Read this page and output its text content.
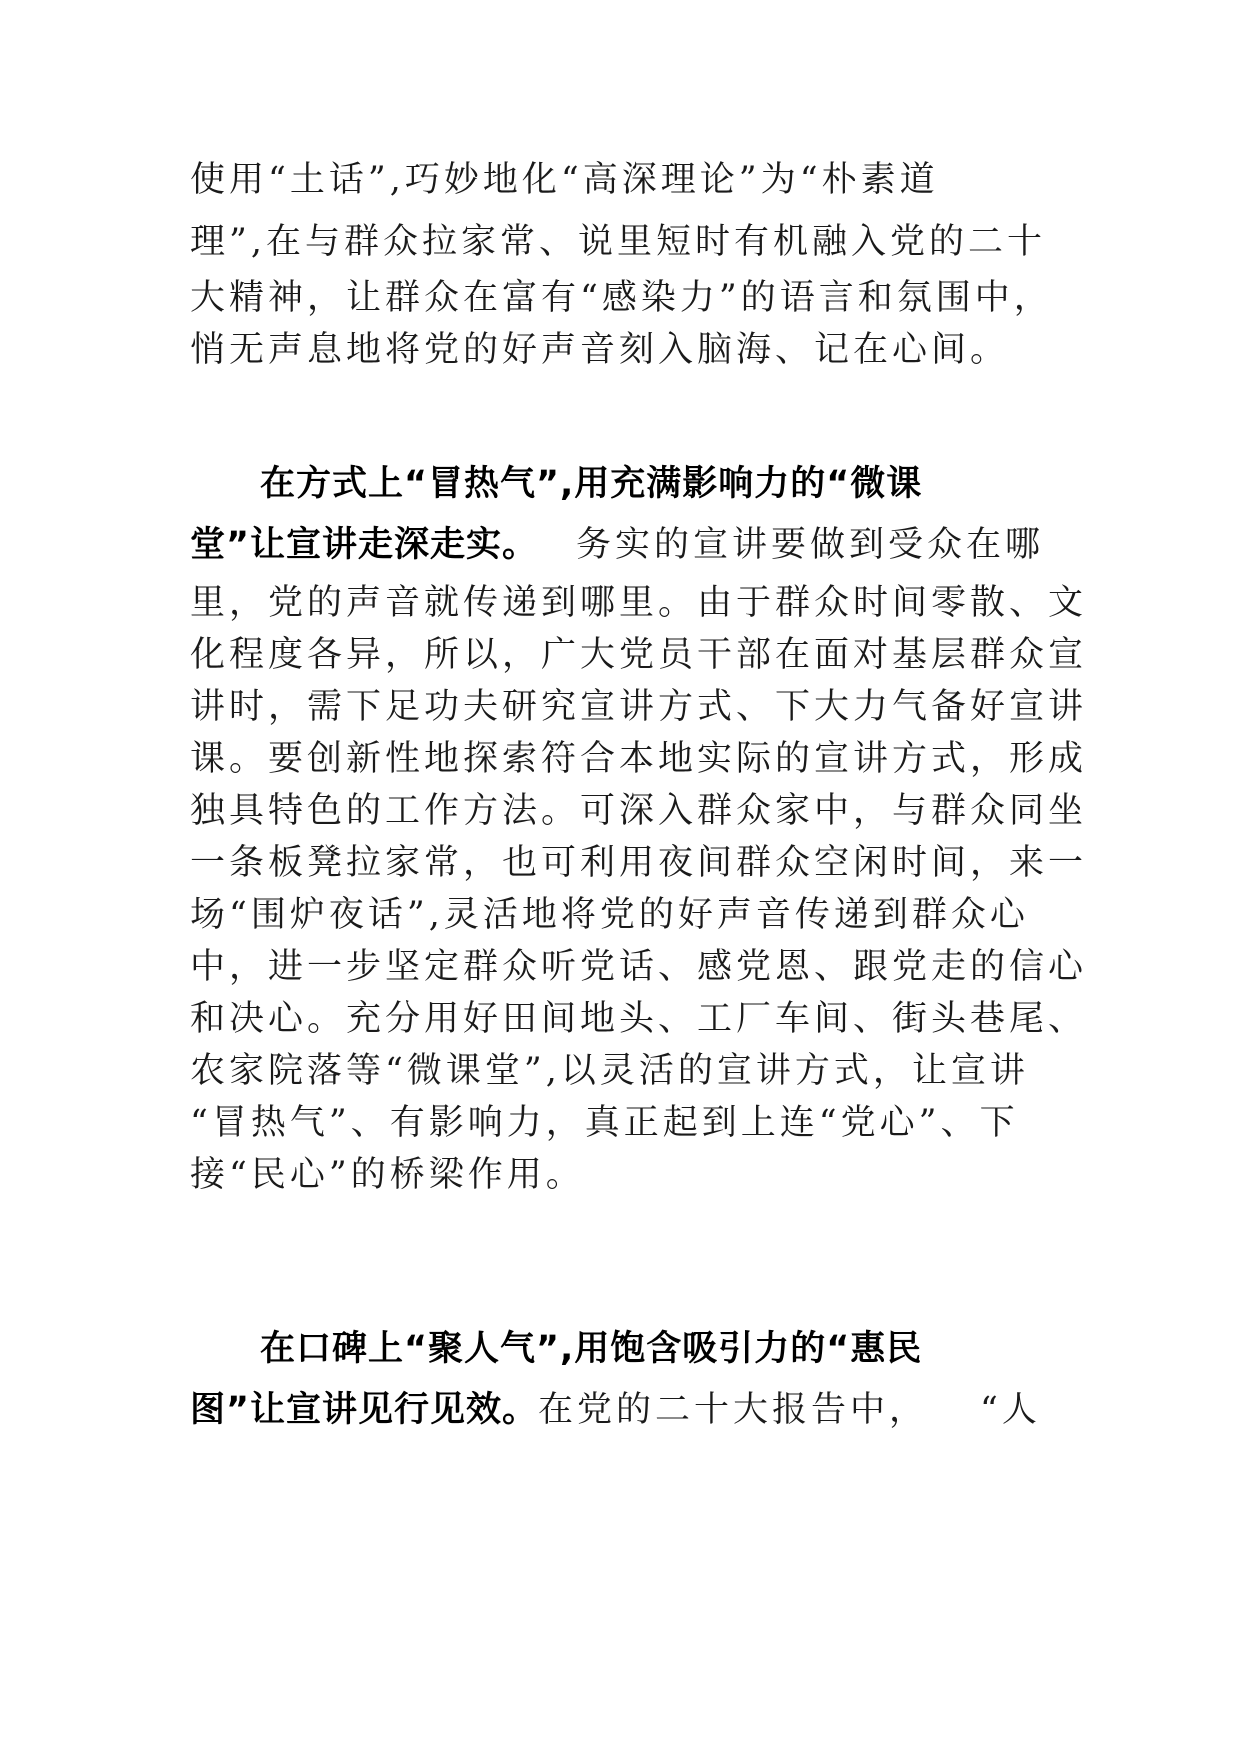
使用“土话”,巧妙地化“高深理论”为“朴素道
理”,在与群众拉家常、说里短时有机融入党的二十
大精神，让群众在富有“感染力”的语言和氛围中，
悄无声息地将党的好声音刻入脑海、记在心间。
在方式上“冒热气”,用充满影响力的“微课
堂”让宣讲走深走实。 务实的宣讲要做到受众在哪
里，党的声音就传递到哪里。由于群众时间零散、文
化程度各异，所以，广大党员干部在面对基层群众宣
讲时，需下足功夫研究宣讲方式、下大力气备好宣讲
课。要创新性地探索符合本地实际的宣讲方式，形成
独具特色的工作方法。可深入群众家中，与群众同坐
一条板凳拉家常，也可利用夜间群众空闲时间，来一
场“围炉夜话”,灵活地将党的好声音传递到群众心
中，进一步坚定群众听党话、感党恩、跟党走的信心
和决心。充分用好田间地头、工厂车间、街头巷尾、
农家院落等“微课堂”,以灵活的宣讲方式，让宣讲
“冒热气”、有影响力，真正起到上连“党心”、下
接“民心”的桥梁作用。
在口碑上“聚人气”,用饱含吸引力的“惠民
图”让宣讲见行见效。在党的二十大报告中， “人
